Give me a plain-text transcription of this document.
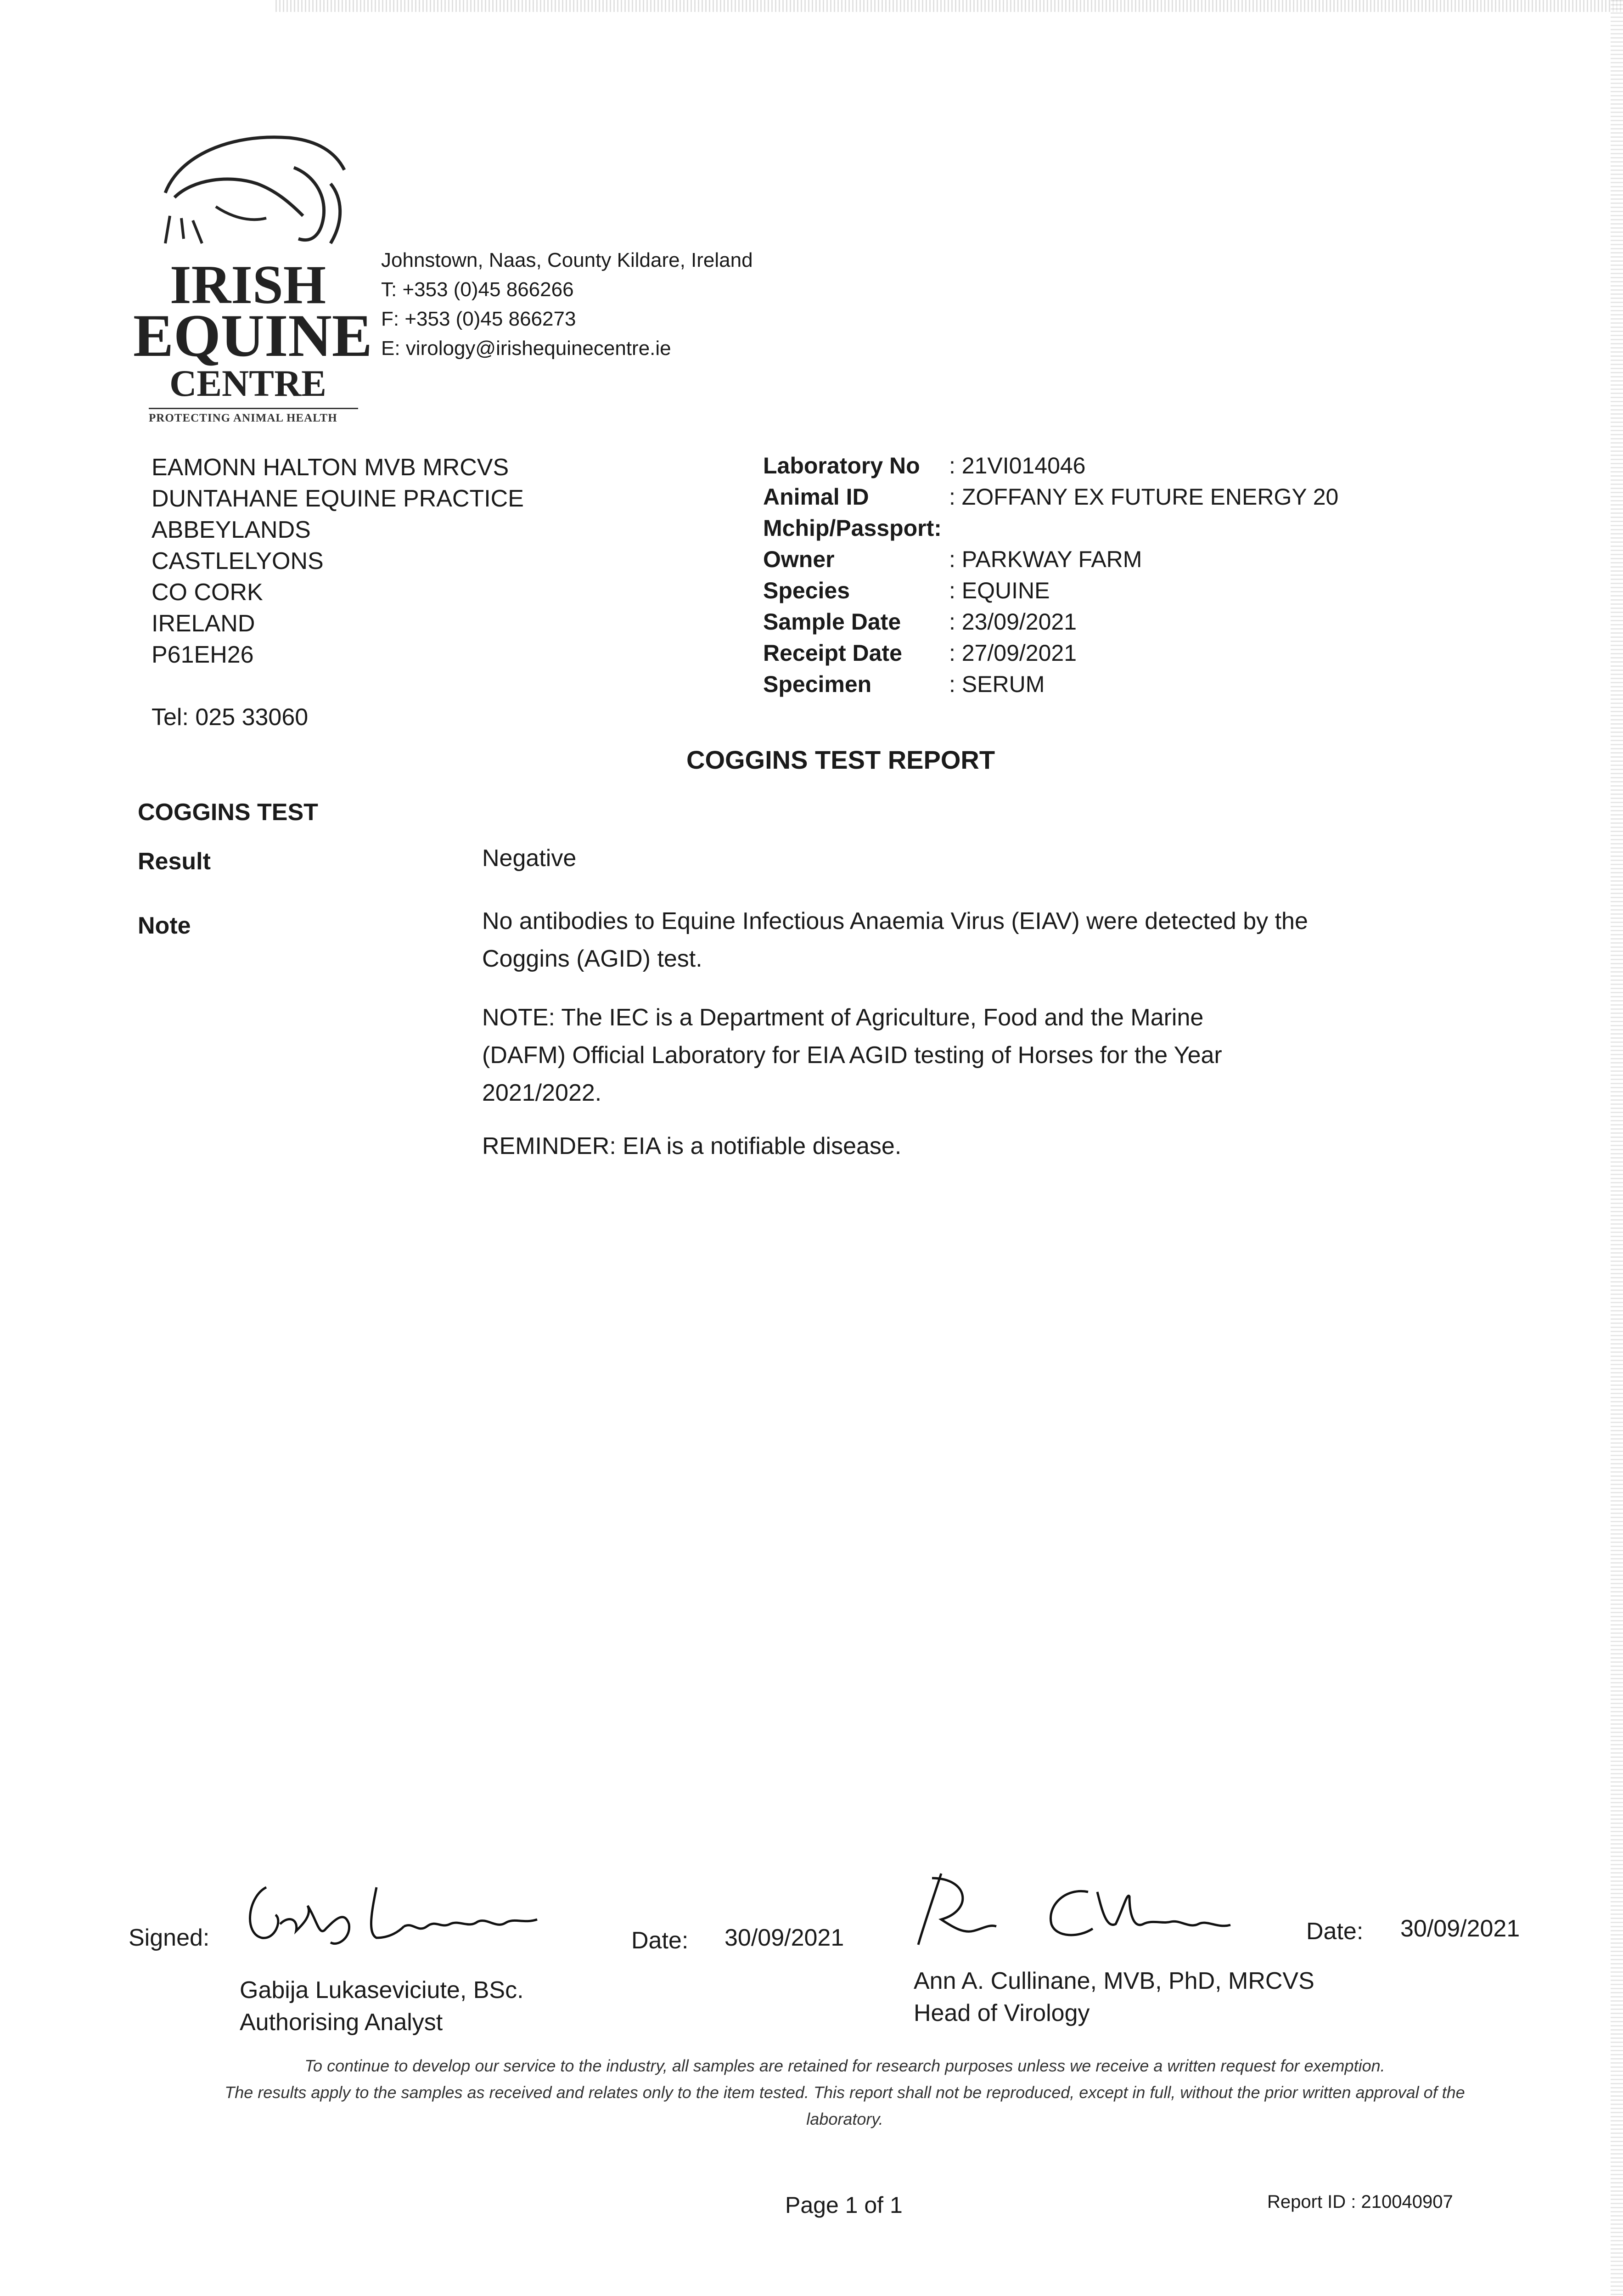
IRISH
EQUINE
CENTRE
PROTECTING ANIMAL HEALTH
Johnstown, Naas, County Kildare, Ireland
T: +353 (0)45 866266
F: +353 (0)45 866273
E: virology@irishequinecentre.ie
EAMONN HALTON MVB MRCVS
DUNTAHANE EQUINE PRACTICE
ABBEYLANDS
CASTLELYONS
CO CORK
IRELAND
P61EH26
Tel: 025 33060
Laboratory No : 21VI014046
Animal ID	: ZOFFANY EX FUTURE ENERGY 20
Mchip/Passport:
Owner	: PARKWAY FARM
Species	: EQUINE
Sample Date : 23/09/2021
Receipt Date : 27/09/2021
Specimen	: SERUM
COGGINS TEST REPORT
COGGINS TEST
Result	Negative
Note	No antibodies to Equine Infectious Anaemia Virus (EIAV) were detected by the Coggins (AGID) test.
NOTE: The IEC is a Department of Agriculture, Food and the Marine (DAFM) Official Laboratory for EIA AGID testing of Horses for the Year 2021/2022.
REMINDER: EIA is a notifiable disease.
Signed:	Date: 30/09/2021
Gabija Lukaseviciute, BSc.
Authorising Analyst
Date: 30/09/2021
Ann A. Cullinane, MVB, PhD, MRCVS
Head of Virology
To continue to develop our service to the industry, all samples are retained for research purposes unless we receive a written request for exemption.
The results apply to the samples as received and relates only to the item tested. This report shall not be reproduced, except in full, without the prior written approval of the laboratory.
Page 1 of 1	Report ID : 210040907
